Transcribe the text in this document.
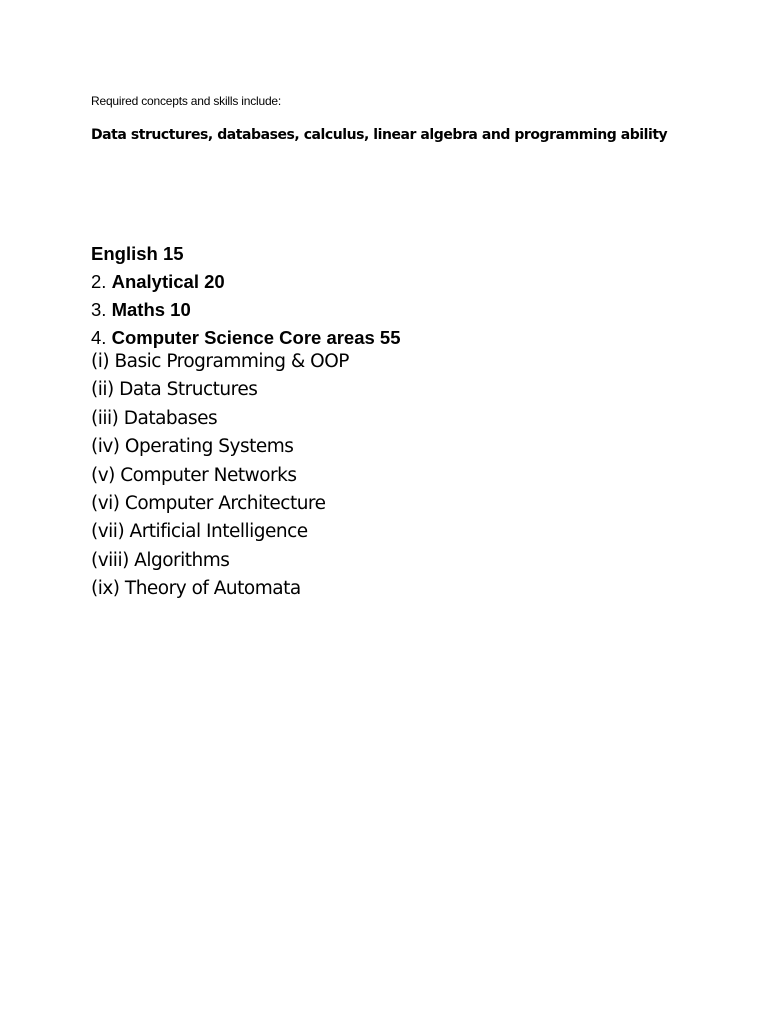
Required concepts and skills include:
Data structures, databases, calculus, linear algebra and programming ability
English 15
2. Analytical 20
3. Maths 10
4. Computer Science Core areas 55
(i) Basic Programming & OOP
(ii) Data Structures
(iii) Databases
(iv) Operating Systems
(v) Computer Networks
(vi) Computer Architecture
(vii) Artificial Intelligence
(viii) Algorithms
(ix) Theory of Automata
